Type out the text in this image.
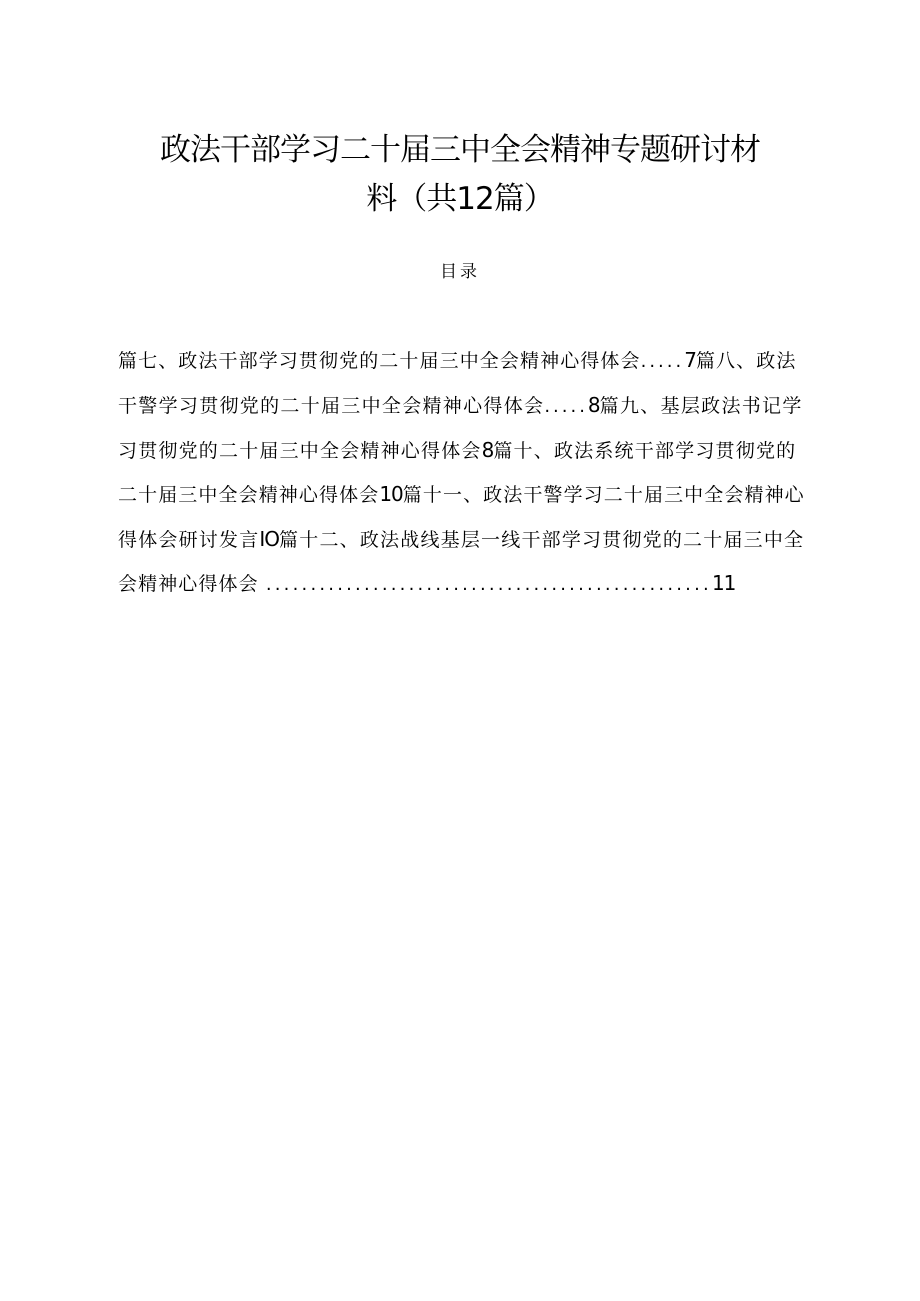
政法干部学习二十届三中全会精神专题研讨材
料（共12篇）
目录
篇七、政法干部学习贯彻党的二十届三中全会精神心得体会.....7篇八、政法
干警学习贯彻党的二十届三中全会精神心得体会.....8篇九、基层政法书记学
习贯彻党的二十届三中全会精神心得体会8篇十、政法系统干部学习贯彻党的
二十届三中全会精神心得体会10篇十一、政法干警学习二十届三中全会精神心
得体会研讨发言IO篇十二、政法战线基层一线干部学习贯彻党的二十届三中全
会精神心得体会 ..................................................11
